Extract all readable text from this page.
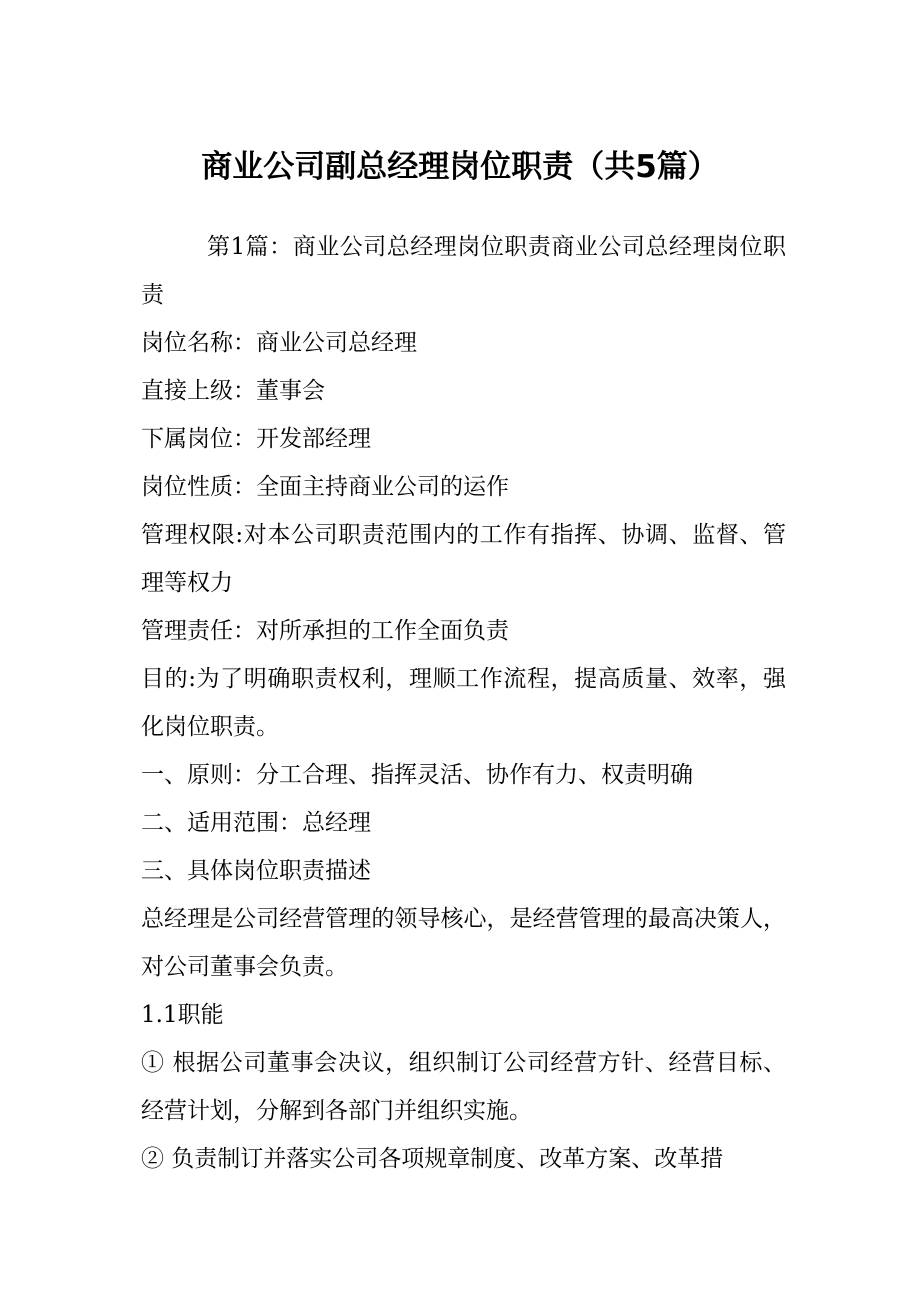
商业公司副总经理岗位职责（共5篇）

第1篇：商业公司总经理岗位职责商业公司总经理岗位职责

岗位名称：商业公司总经理

直接上级：董事会

下属岗位：开发部经理

岗位性质：全面主持商业公司的运作

管理权限:对本公司职责范围内的工作有指挥、协调、监督、管理等权力

管理责任：对所承担的工作全面负责

目的:为了明确职责权利，理顺工作流程，提高质量、效率，强化岗位职责。

一、原则：分工合理、指挥灵活、协作有力、权责明确

二、适用范围：总经理

三、具体岗位职责描述

总经理是公司经营管理的领导核心，是经营管理的最高决策人，对公司董事会负责。

1.1职能

① 根据公司董事会决议，组织制订公司经营方针、经营目标、经营计划，分解到各部门并组织实施。

② 负责制订并落实公司各项规章制度、改革方案、改革措
